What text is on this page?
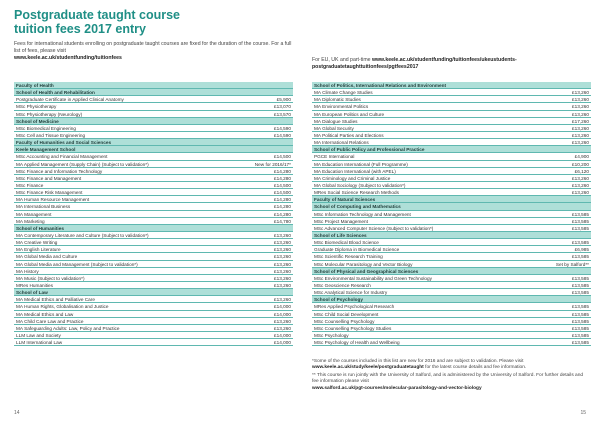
Postgraduate taught course
tuition fees 2017 entry
Fees for international students enrolling on postgraduate taught courses are fixed for the duration of the course. For a full list of fees, please visit
www.keele.ac.uk/studentfunding/tuitionfees	For EU, UK and part-time www.keele.ac.uk/studentfunding/tuitionfees/ukeustudents-postgraduatetaughttuitionfees/pgtfees2017
Faculty of Health
School of Health and Rehabilitation
Postgraduate Certificate in Applied Clinical Anatomy	£5,900
MSc Physiotherapy	£13,070
MSc Physiotherapy (Neurology)	£13,570
School of Medicine
MSc Biomedical Engineering	£14,590
MSc Cell and Tissue Engineering	£14,590
Faculty of Humanities and Social Sciences
Keele Management School
MSc Accounting and Financial Management	£14,500
MA Applied Management (Supply Chain) (Subject to validation*)	New for 2016/17*
MSc Finance and Information Technology	£14,280
MSc Finance and Management	£14,280
MSc Finance	£14,500
MSc Finance Risk Management	£14,500
MA Human Resource Management	£14,280
MA International Business	£14,280
MA Management	£14,280
MA Marketing	£14,780
School of Humanities
MA Contemporary Literature and Culture (Subject to validation*)	£13,260
MA Creative Writing	£13,260
MA English Literature	£13,260
MA Global Media and Culture	£13,260
MA Global Media and Management (Subject to validation*)	£13,260
MA History	£13,260
MA Music (Subject to validation*)	£13,260
MRes Humanities	£13,260
School of Law
MA Medical Ethics and Palliative Care	£13,260
MA Human Rights, Globalisation and Justice	£14,000
MA Medical Ethics and Law	£14,000
MA Child Care Law and Practice	£13,260
MA Safeguarding Adults: Law, Policy and Practice	£13,260
LLM Law and Society	£14,000
LLM International Law	£14,000
School of Politics, International Relations and Environment
MA Climate Change Studies	£13,260
MA Diplomatic Studies	£13,260
MA Environmental Politics	£13,260
MA European Politics and Culture	£13,260
MA Dialogue Studies	£17,260
MA Global Security	£13,260
MA Political Parties and Elections	£13,260
MA International Relations	£13,260
School of Public Policy and Professional Practice
PGCE International	£4,900
MA Education International (Full Programme)	£10,200
MA Education International (with APEL)	£6,120
MA Criminology and Criminal Justice	£13,260
MA Global Sociology (Subject to validation*)	£13,260
MRes Social Science Research Methods	£13,260
Faculty of Natural Sciences
School of Computing and Mathematics
MSc Information Technology and Management	£13,585
MSc Project Management	£13,585
MSc Advanced Computer Science (Subject to validation*)	£13,585
School of Life Sciences
MSc Biomedical Blood Science	£13,585
Graduate Diploma in Biomedical Science	£6,985
MSc Scientific Research Training	£13,585
MSc Molecular Parasitology and Vector Biology	Set by Salford**
School of Physical and Geographical Sciences
MSc Environmental Sustainability and Green Technology	£13,585
MSc Geoscience Research	£13,585
MSc Analytical Science for Industry	£13,585
School of Psychology
MRes Applied Psychological Research	£13,585
MSc Child Social Development	£13,585
MSc Counselling Psychology	£13,585
MSc Counselling Psychology Studies	£13,585
MSc Psychology	£13,585
MSc Psychology of Health and Wellbeing	£13,585
*Some of the courses included in this list are new for 2016 and are subject to validation. Please visit www.keele.ac.uk/study/keele/postgraduatetaught for the latest course details and fee information.
** This course is run jointly with the University of Salford, and is administered by the University of Salford. For further details and fee information please visit
www.salford.ac.uk/pgt-courses/molecular-parasitology-and-vector-biology
14	15
